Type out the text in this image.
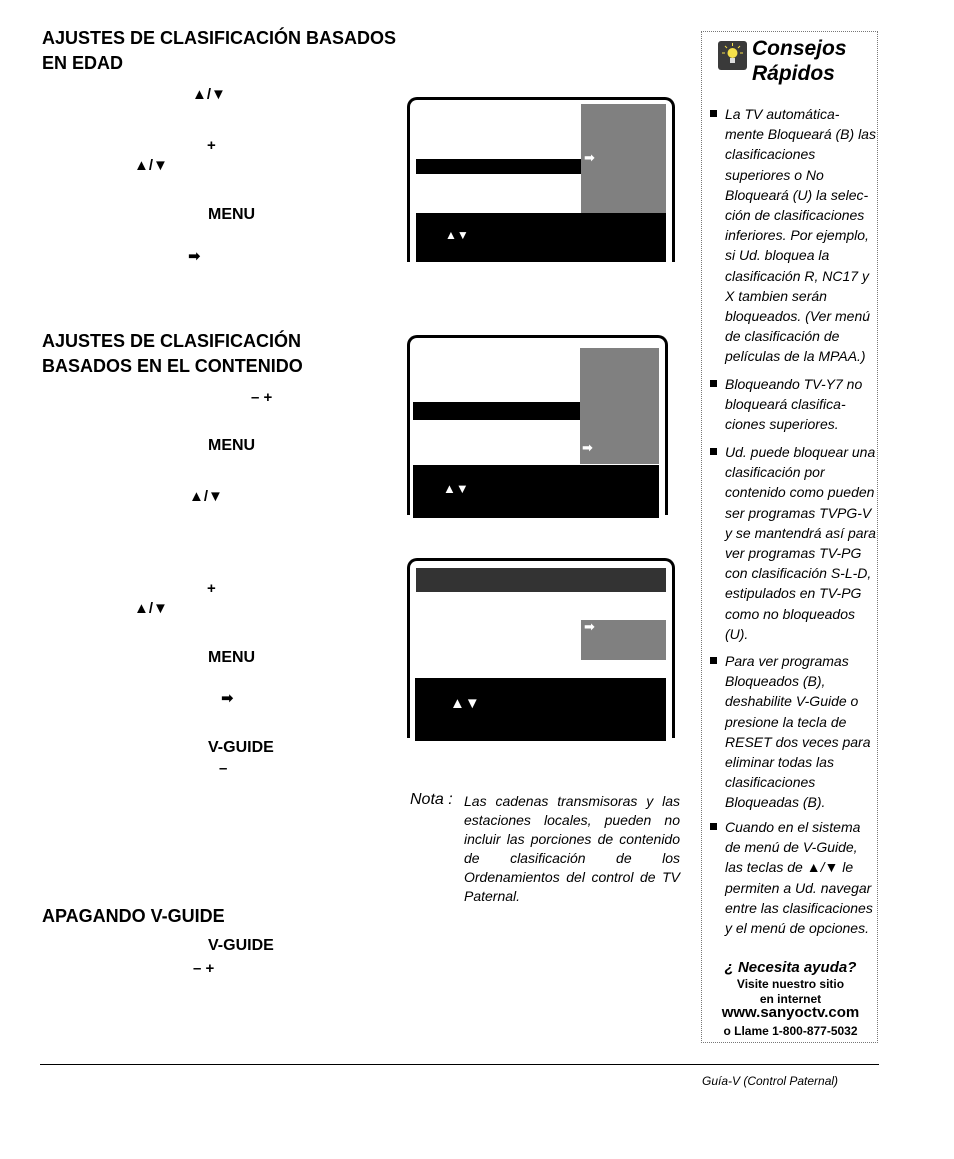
AJUSTES DE CLASIFICACIÓN BASADOS
EN EDAD
▲/▼
+
▲/▼
MENU
➡
➡
▲▼
AJUSTES DE CLASIFICACIÓN
BASADOS EN EL CONTENIDO
– +
MENU
▲/▼
+
▲/▼
MENU
➡
V-GUIDE
–
➡
▲▼
➡
▲▼
Nota : Las cadenas transmisoras y las estaciones locales, pueden no incluir las porciones de contenido de clasificación de los Ordenamientos del control de TV Paternal.
APAGANDO V-GUIDE
V-GUIDE
– +
Consejos
Rápidos
La TV automática-mente Bloqueará (B) las clasificaciones superiores o No Bloqueará (U) la selec-ción de clasificaciones inferiores. Por ejemplo, si Ud. bloquea la clasificación R, NC17 y X tambien serán bloqueados. (Ver menú de clasificación de películas de la MPAA.)
Bloqueando TV-Y7 no bloqueará clasifica-ciones superiores.
Ud. puede bloquear una clasificación por contenido como pueden ser programas TVPG-V y se mantendrá así para ver programas TV-PG con clasificación S-L-D, estipulados en TV-PG como no bloqueados (U).
Para ver programas Bloqueados (B), deshabilite V-Guide o presione la tecla de RESET dos veces para eliminar todas las clasificaciones Bloqueadas (B).
Cuando en el sistema de menú de V-Guide, las teclas de ▲/▼ le permiten a Ud. navegar entre las clasificaciones y el menú de opciones.
¿ Necesita ayuda?
Visite nuestro sitio
en internet
www.sanyoctv.com
o Llame 1-800-877-5032
Guía-V (Control Paternal)
